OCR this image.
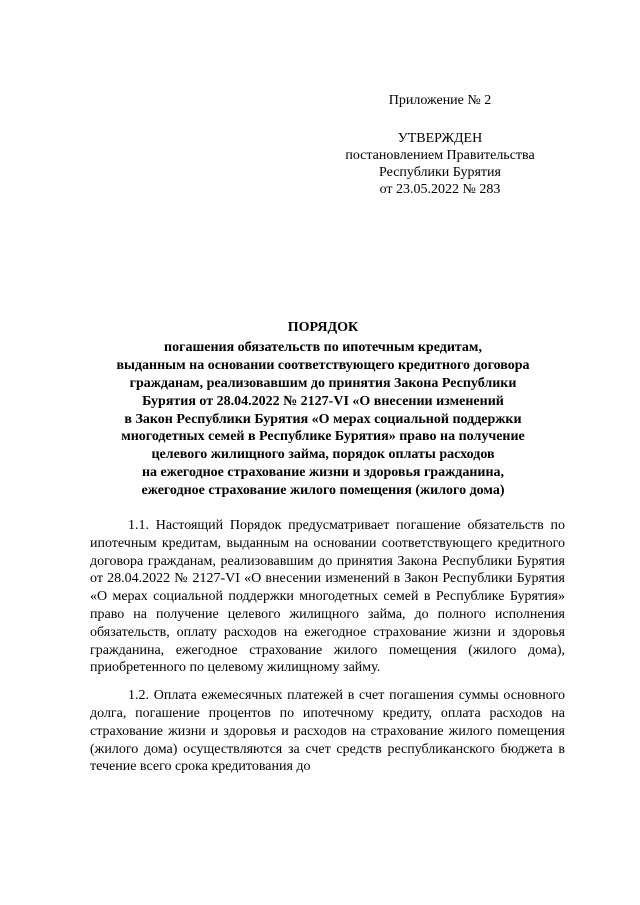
Приложение № 2
УТВЕРЖДЕН
постановлением Правительства
Республики Бурятия
от 23.05.2022 № 283
ПОРЯДОК
погашения обязательств по ипотечным кредитам,
выданным на основании соответствующего кредитного договора
гражданам, реализовавшим до принятия Закона Республики
Бурятия от 28.04.2022 № 2127-VI «О внесении изменений
в Закон Республики Бурятия «О мерах социальной поддержки
многодетных семей в Республике Бурятия» право на получение
целевого жилищного займа, порядок оплаты расходов
на ежегодное страхование жизни и здоровья гражданина,
ежегодное страхование жилого помещения (жилого дома)

1.1. Настоящий Порядок предусматривает погашение обязательств по ипотечным кредитам, выданным на основании соответствующего кредитного договора гражданам, реализовавшим до принятия Закона Республики Бурятия от 28.04.2022 № 2127-VI «О внесении изменений в Закон Республики Бурятия «О мерах социальной поддержки многодетных семей в Республике Бурятия» право на получение целевого жилищного займа, до полного исполнения обязательств, оплату расходов на ежегодное страхование жизни и здоровья гражданина, ежегодное страхование жилого помещения (жилого дома), приобретенного по целевому жилищному займу.

1.2. Оплата ежемесячных платежей в счет погашения суммы основного долга, погашение процентов по ипотечному кредиту, оплата расходов на страхование жизни и здоровья и расходов на страхование жилого помещения (жилого дома) осуществляются за счет средств республиканского бюджета в течение всего срока кредитования до
